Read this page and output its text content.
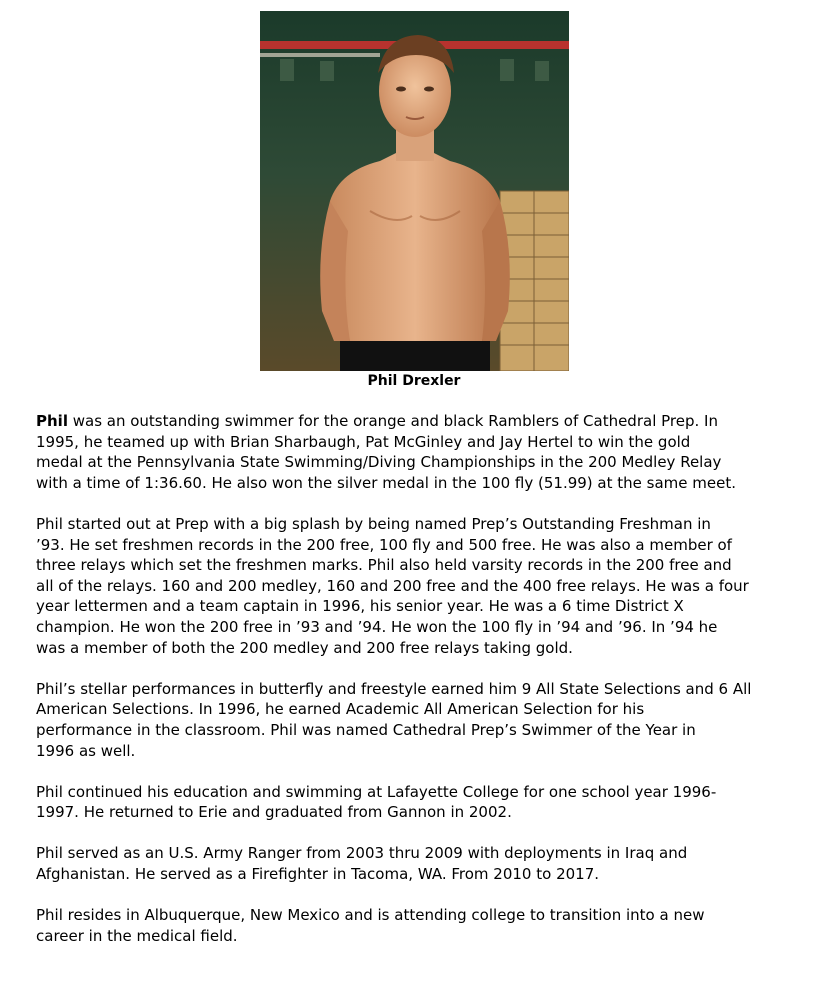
Phil Drexler

Phil was an outstanding swimmer for the orange and black Ramblers of Cathedral Prep. In
1995, he teamed up with Brian Sharbaugh, Pat McGinley and Jay Hertel to win the gold
medal at the Pennsylvania State Swimming/Diving Championships in the 200 Medley Relay
with a time of 1:36.60. He also won the silver medal in the 100 fly (51.99) at the same meet.

Phil started out at Prep with a big splash by being named Prep’s Outstanding Freshman in
’93. He set freshmen records in the 200 free, 100 fly and 500 free. He was also a member of
three relays which set the freshmen marks. Phil also held varsity records in the 200 free and
all of the relays. 160 and 200 medley, 160 and 200 free and the 400 free relays. He was a four
year lettermen and a team captain in 1996, his senior year. He was a 6 time District X
champion. He won the 200 free in ’93 and ’94. He won the 100 fly in ’94 and ’96. In ’94 he
was a member of both the 200 medley and 200 free relays taking gold.

Phil’s stellar performances in butterfly and freestyle earned him 9 All State Selections and 6 All
American Selections. In 1996, he earned Academic All American Selection for his
performance in the classroom. Phil was named Cathedral Prep’s Swimmer of the Year in
1996 as well.

Phil continued his education and swimming at Lafayette College for one school year 1996-
1997. He returned to Erie and graduated from Gannon in 2002.

Phil served as an U.S. Army Ranger from 2003 thru 2009 with deployments in Iraq and
Afghanistan. He served as a Firefighter in Tacoma, WA. From 2010 to 2017.

Phil resides in Albuquerque, New Mexico and is attending college to transition into a new
career in the medical field.
